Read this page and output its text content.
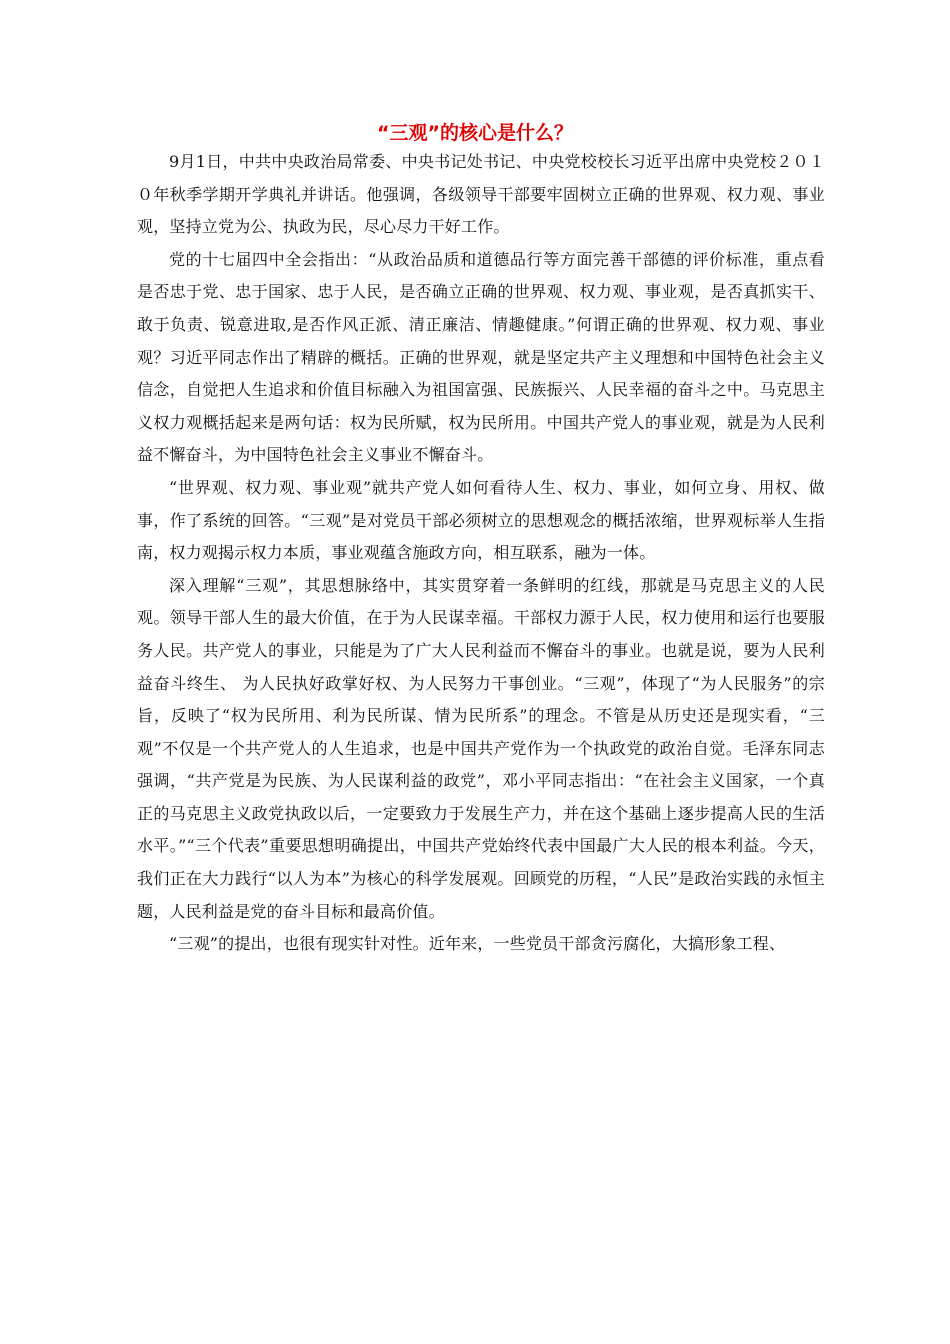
“三观”的核心是什么？

9月1日，中共中央政治局常委、中央书记处书记、中央党校校长习近平出席中央党校２０１０年秋季学期开学典礼并讲话。他强调，各级领导干部要牢固树立正确的世界观、权力观、事业观，坚持立党为公、执政为民，尽心尽力干好工作。

党的十七届四中全会指出：“从政治品质和道德品行等方面完善干部德的评价标准，重点看是否忠于党、忠于国家、忠于人民，是否确立正确的世界观、权力观、事业观，是否真抓实干、敢于负责、锐意进取,是否作风正派、清正廉洁、情趣健康。”何谓正确的世界观、权力观、事业观？习近平同志作出了精辟的概括。正确的世界观，就是坚定共产主义理想和中国特色社会主义信念，自觉把人生追求和价值目标融入为祖国富强、民族振兴、人民幸福的奋斗之中。马克思主义权力观概括起来是两句话：权为民所赋，权为民所用。中国共产党人的事业观，就是为人民利益不懈奋斗，为中国特色社会主义事业不懈奋斗。

“世界观、权力观、事业观”就共产党人如何看待人生、权力、事业，如何立身、用权、做事，作了系统的回答。“三观”是对党员干部必须树立的思想观念的概括浓缩，世界观标举人生指南，权力观揭示权力本质，事业观蕴含施政方向，相互联系，融为一体。

深入理解“三观”，其思想脉络中，其实贯穿着一条鲜明的红线，那就是马克思主义的人民观。领导干部人生的最大价值，在于为人民谋幸福。干部权力源于人民，权力使用和运行也要服务人民。共产党人的事业，只能是为了广大人民利益而不懈奋斗的事业。也就是说，要为人民利益奋斗终生、 为人民执好政掌好权、为人民努力干事创业。“三观”，体现了“为人民服务”的宗旨，反映了“权为民所用、利为民所谋、情为民所系”的理念。不管是从历史还是现实看，“三观”不仅是一个共产党人的人生追求，也是中国共产党作为一个执政党的政治自觉。毛泽东同志强调，“共产党是为民族、为人民谋利益的政党”，邓小平同志指出：“在社会主义国家，一个真正的马克思主义政党执政以后，一定要致力于发展生产力，并在这个基础上逐步提高人民的生活水平。”“三个代表”重要思想明确提出，中国共产党始终代表中国最广大人民的根本利益。今天，我们正在大力践行“以人为本”为核心的科学发展观。回顾党的历程，“人民”是政治实践的永恒主题，人民利益是党的奋斗目标和最高价值。

“三观”的提出，也很有现实针对性。近年来，一些党员干部贪污腐化，大搞形象工程、
